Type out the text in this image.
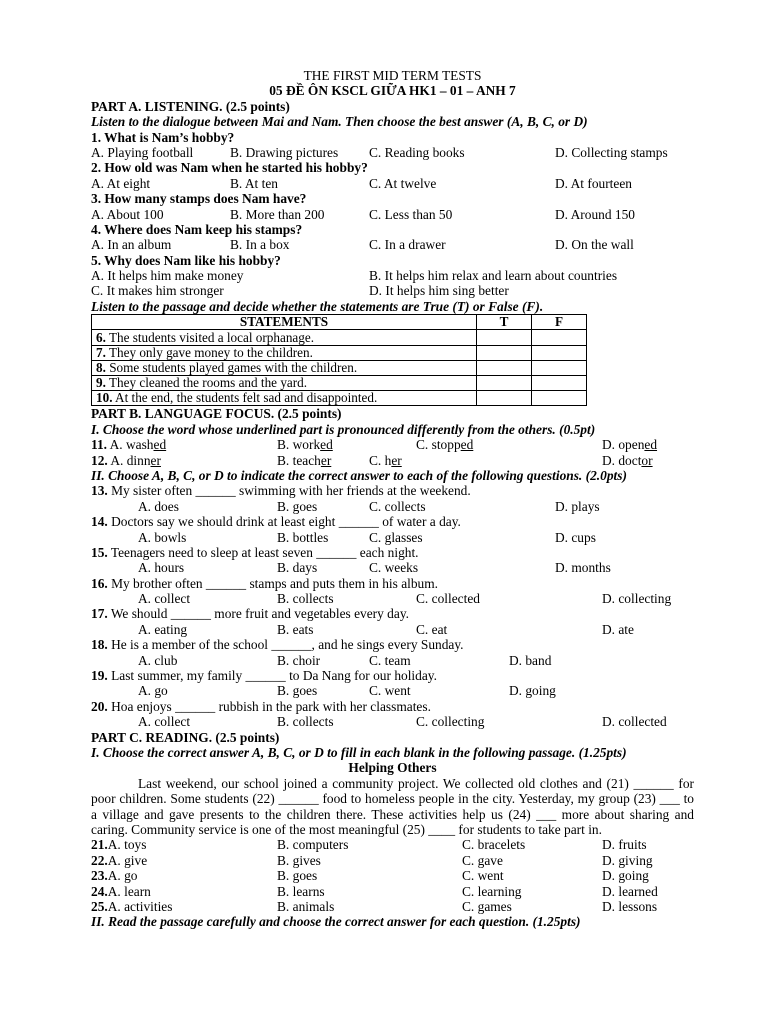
THE FIRST MID TERM TESTS
05 ĐỀ ÔN KSCL GIỮA HK1 – 01 – ANH 7
PART A. LISTENING. (2.5 points)
Listen to the dialogue between Mai and Nam. Then choose the best answer (A, B, C, or D)
1. What is Nam’s hobby?
A. Playing football	B. Drawing pictures C. Reading books	D. Collecting stamps
2. How old was Nam when he started his hobby?
A. At eight	B. At ten	C. At twelve	D. At fourteen
3. How many stamps does Nam have?
A. About 100	B. More than 200	C. Less than 50	D. Around 150
4. Where does Nam keep his stamps?
A. In an album	B. In a box	C. In a drawer	D. On the wall
5. Why does Nam like his hobby?
A. It helps him make money	B. It helps him relax and learn about countries
C. It makes him stronger	D. It helps him sing better
Listen to the passage and decide whether the statements are True (T) or False (F).
STATEMENTS	T	F
6. The students visited a local orphanage.		
7. They only gave money to the children.		
8. Some students played games with the children.		
9. They cleaned the rooms and the yard.		
10. At the end, the students felt sad and disappointed.		
PART B. LANGUAGE FOCUS. (2.5 points)
I. Choose the word whose underlined part is pronounced differently from the others. (0.5pt)
11. A. washed	B. worked	C. stopped	D. opened
12. A. dinner	B. teacher	C. her	D. doctor
II. Choose A, B, C, or D to indicate the correct answer to each of the following questions. (2.0pts)
13. My sister often ______ swimming with her friends at the weekend.
A. does	B. goes	C. collects	D. plays
14. Doctors say we should drink at least eight ______ of water a day.
A. bowls	B. bottles	C. glasses	D. cups
15. Teenagers need to sleep at least seven ______ each night.
A. hours	B. days	C. weeks	D. months
16. My brother often ______ stamps and puts them in his album.
A. collect	B. collects	C. collected	D. collecting
17. We should ______ more fruit and vegetables every day.
A. eating	B. eats	C. eat	D. ate
18. He is a member of the school ______, and he sings every Sunday.
A. club	B. choir	C. team	D. band
19. Last summer, my family ______ to Da Nang for our holiday.
A. go	B. goes	C. went	D. going
20. Hoa enjoys ______ rubbish in the park with her classmates.
A. collect	B. collects	C. collecting	D. collected
PART C. READING. (2.5 points)
I. Choose the correct answer A, B, C, or D to fill in each blank in the following passage. (1.25pts)
Helping Others
Last weekend, our school joined a community project. We collected old clothes and (21) ______ for poor children. Some students (22) ______ food to homeless people in the city. Yesterday, my group (23) ___ to a village and gave presents to the children there. These activities help us (24) ___ more about sharing and caring. Community service is one of the most meaningful (25) ____ for students to take part in.
21.A. toys	B. computers	C. bracelets	D. fruits
22.A. give	B. gives	C. gave	D. giving
23.A. go	B. goes	C. went	D. going
24.A. learn	B. learns	C. learning	D. learned
25.A. activities	B. animals	C. games	D. lessons
II. Read the passage carefully and choose the correct answer for each question. (1.25pts)
